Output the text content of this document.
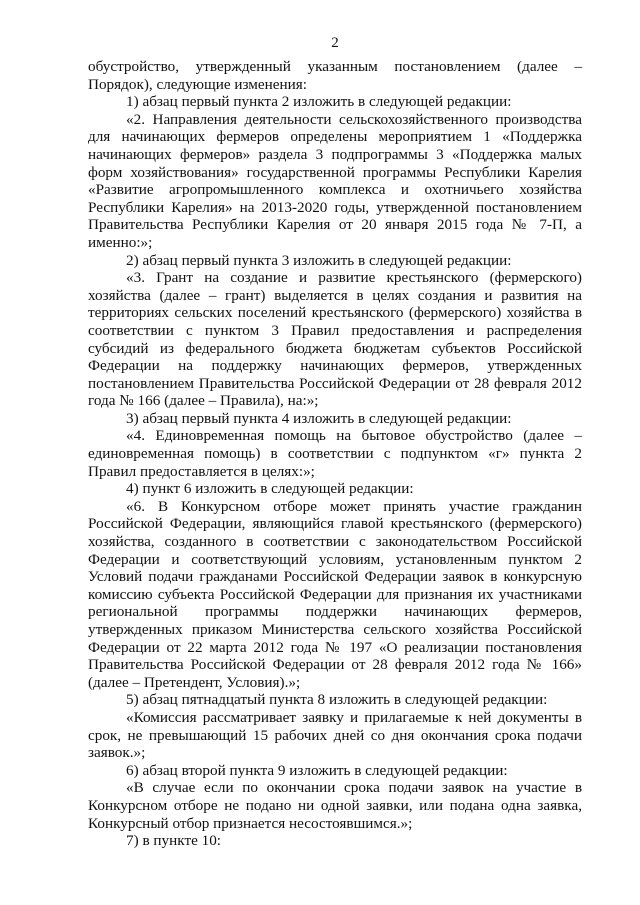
2

обустройство, утвержденный указанным постановлением (далее – Порядок), следующие изменения:

1) абзац первый пункта 2 изложить в следующей редакции:

«2. Направления деятельности сельскохозяйственного производства для начинающих фермеров определены мероприятием 1 «Поддержка начинающих фермеров» раздела 3 подпрограммы 3 «Поддержка малых форм хозяйствования» государственной программы Республики Карелия «Развитие агропромышленного комплекса и охотничьего хозяйства Республики Карелия» на 2013-2020 годы, утвержденной постановлением Правительства Республики Карелия от 20 января 2015 года № 7-П, а именно:»;

2) абзац первый пункта 3 изложить в следующей редакции:

«3. Грант на создание и развитие крестьянского (фермерского) хозяйства (далее – грант) выделяется в целях создания и развития на территориях сельских поселений крестьянского (фермерского) хозяйства в соответствии с пунктом 3 Правил предоставления и распределения субсидий из федерального бюджета бюджетам субъектов Российской Федерации на поддержку начинающих фермеров, утвержденных постановлением Правительства Российской Федерации от 28 февраля 2012 года № 166 (далее – Правила), на:»;

3) абзац первый пункта 4 изложить в следующей редакции:

«4. Единовременная помощь на бытовое обустройство (далее – единовременная помощь) в соответствии с подпунктом «г» пункта 2 Правил предоставляется в целях:»;

4) пункт 6 изложить в следующей редакции:

«6. В Конкурсном отборе может принять участие гражданин Российской Федерации, являющийся главой крестьянского (фермерского) хозяйства, созданного в соответствии с законодательством Российской Федерации и соответствующий условиям, установленным пунктом 2 Условий подачи гражданами Российской Федерации заявок в конкурсную комиссию субъекта Российской Федерации для признания их участниками региональной программы поддержки начинающих фермеров, утвержденных приказом Министерства сельского хозяйства Российской Федерации от 22 марта 2012 года № 197 «О реализации постановления Правительства Российской Федерации от 28 февраля 2012 года № 166» (далее – Претендент, Условия).»;

5) абзац пятнадцатый пункта 8 изложить в следующей редакции:

«Комиссия рассматривает заявку и прилагаемые к ней документы в срок, не превышающий 15 рабочих дней со дня окончания срока подачи заявок.»;

6) абзац второй пункта 9 изложить в следующей редакции:

«В случае если по окончании срока подачи заявок на участие в Конкурсном отборе не подано ни одной заявки, или подана одна заявка, Конкурсный отбор признается несостоявшимся.»;

7) в пункте 10:
